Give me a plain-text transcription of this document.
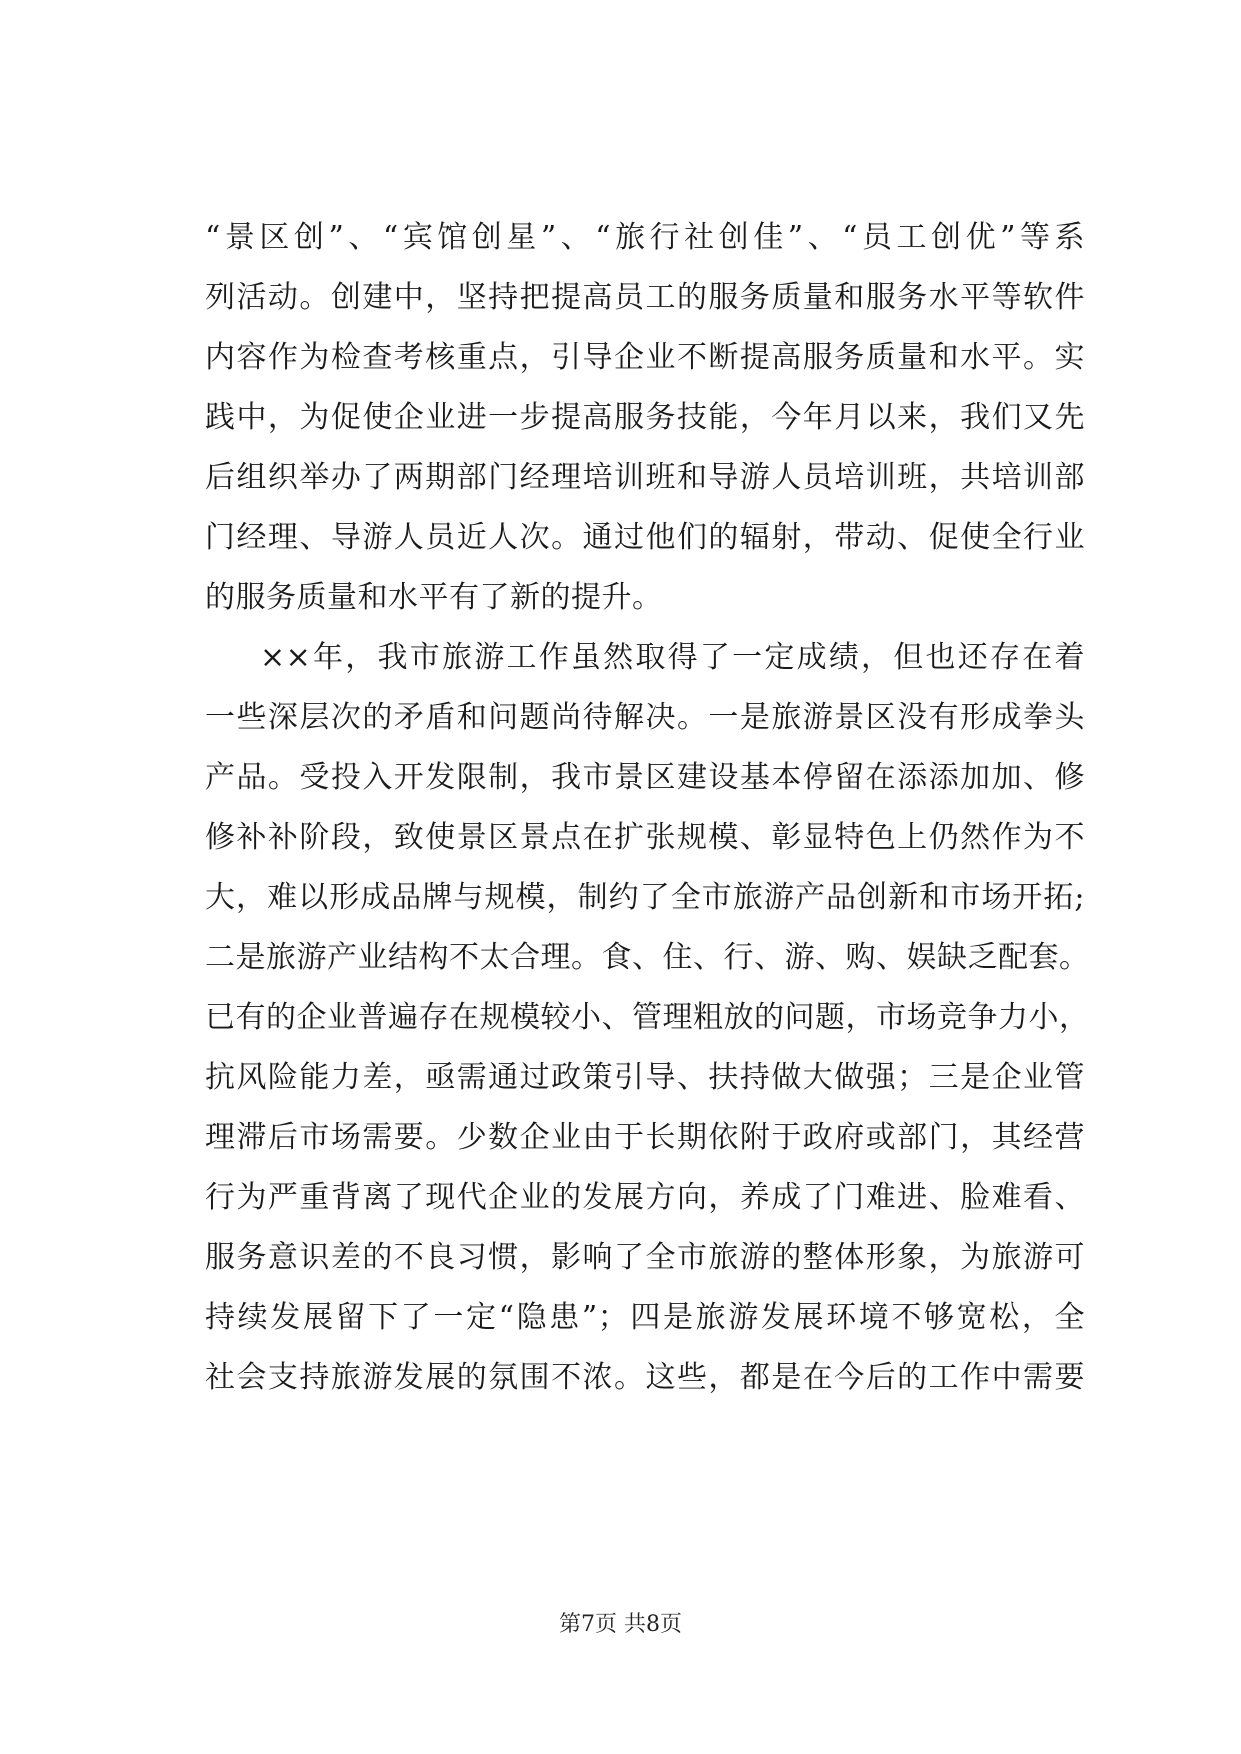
“景区创”、“宾馆创星”、“旅行社创佳”、“员工创优”等系
列活动。创建中，坚持把提高员工的服务质量和服务水平等软件
内容作为检查考核重点，引导企业不断提高服务质量和水平。实
践中，为促使企业进一步提高服务技能，今年月以来，我们又先
后组织举办了两期部门经理培训班和导游人员培训班，共培训部
门经理、导游人员近人次。通过他们的辐射，带动、促使全行业
的服务质量和水平有了新的提升。
××年，我市旅游工作虽然取得了一定成绩，但也还存在着
一些深层次的矛盾和问题尚待解决。一是旅游景区没有形成拳头
产品。受投入开发限制，我市景区建设基本停留在添添加加、修
修补补阶段，致使景区景点在扩张规模、彰显特色上仍然作为不
大，难以形成品牌与规模，制约了全市旅游产品创新和市场开拓;
二是旅游产业结构不太合理。食、住、行、游、购、娱缺乏配套。
已有的企业普遍存在规模较小、管理粗放的问题，市场竞争力小，
抗风险能力差，亟需通过政策引导、扶持做大做强；三是企业管
理滞后市场需要。少数企业由于长期依附于政府或部门，其经营
行为严重背离了现代企业的发展方向，养成了门难进、脸难看、
服务意识差的不良习惯，影响了全市旅游的整体形象，为旅游可
持续发展留下了一定“隐患”；四是旅游发展环境不够宽松，全
社会支持旅游发展的氛围不浓。这些，都是在今后的工作中需要
第7页 共8页
